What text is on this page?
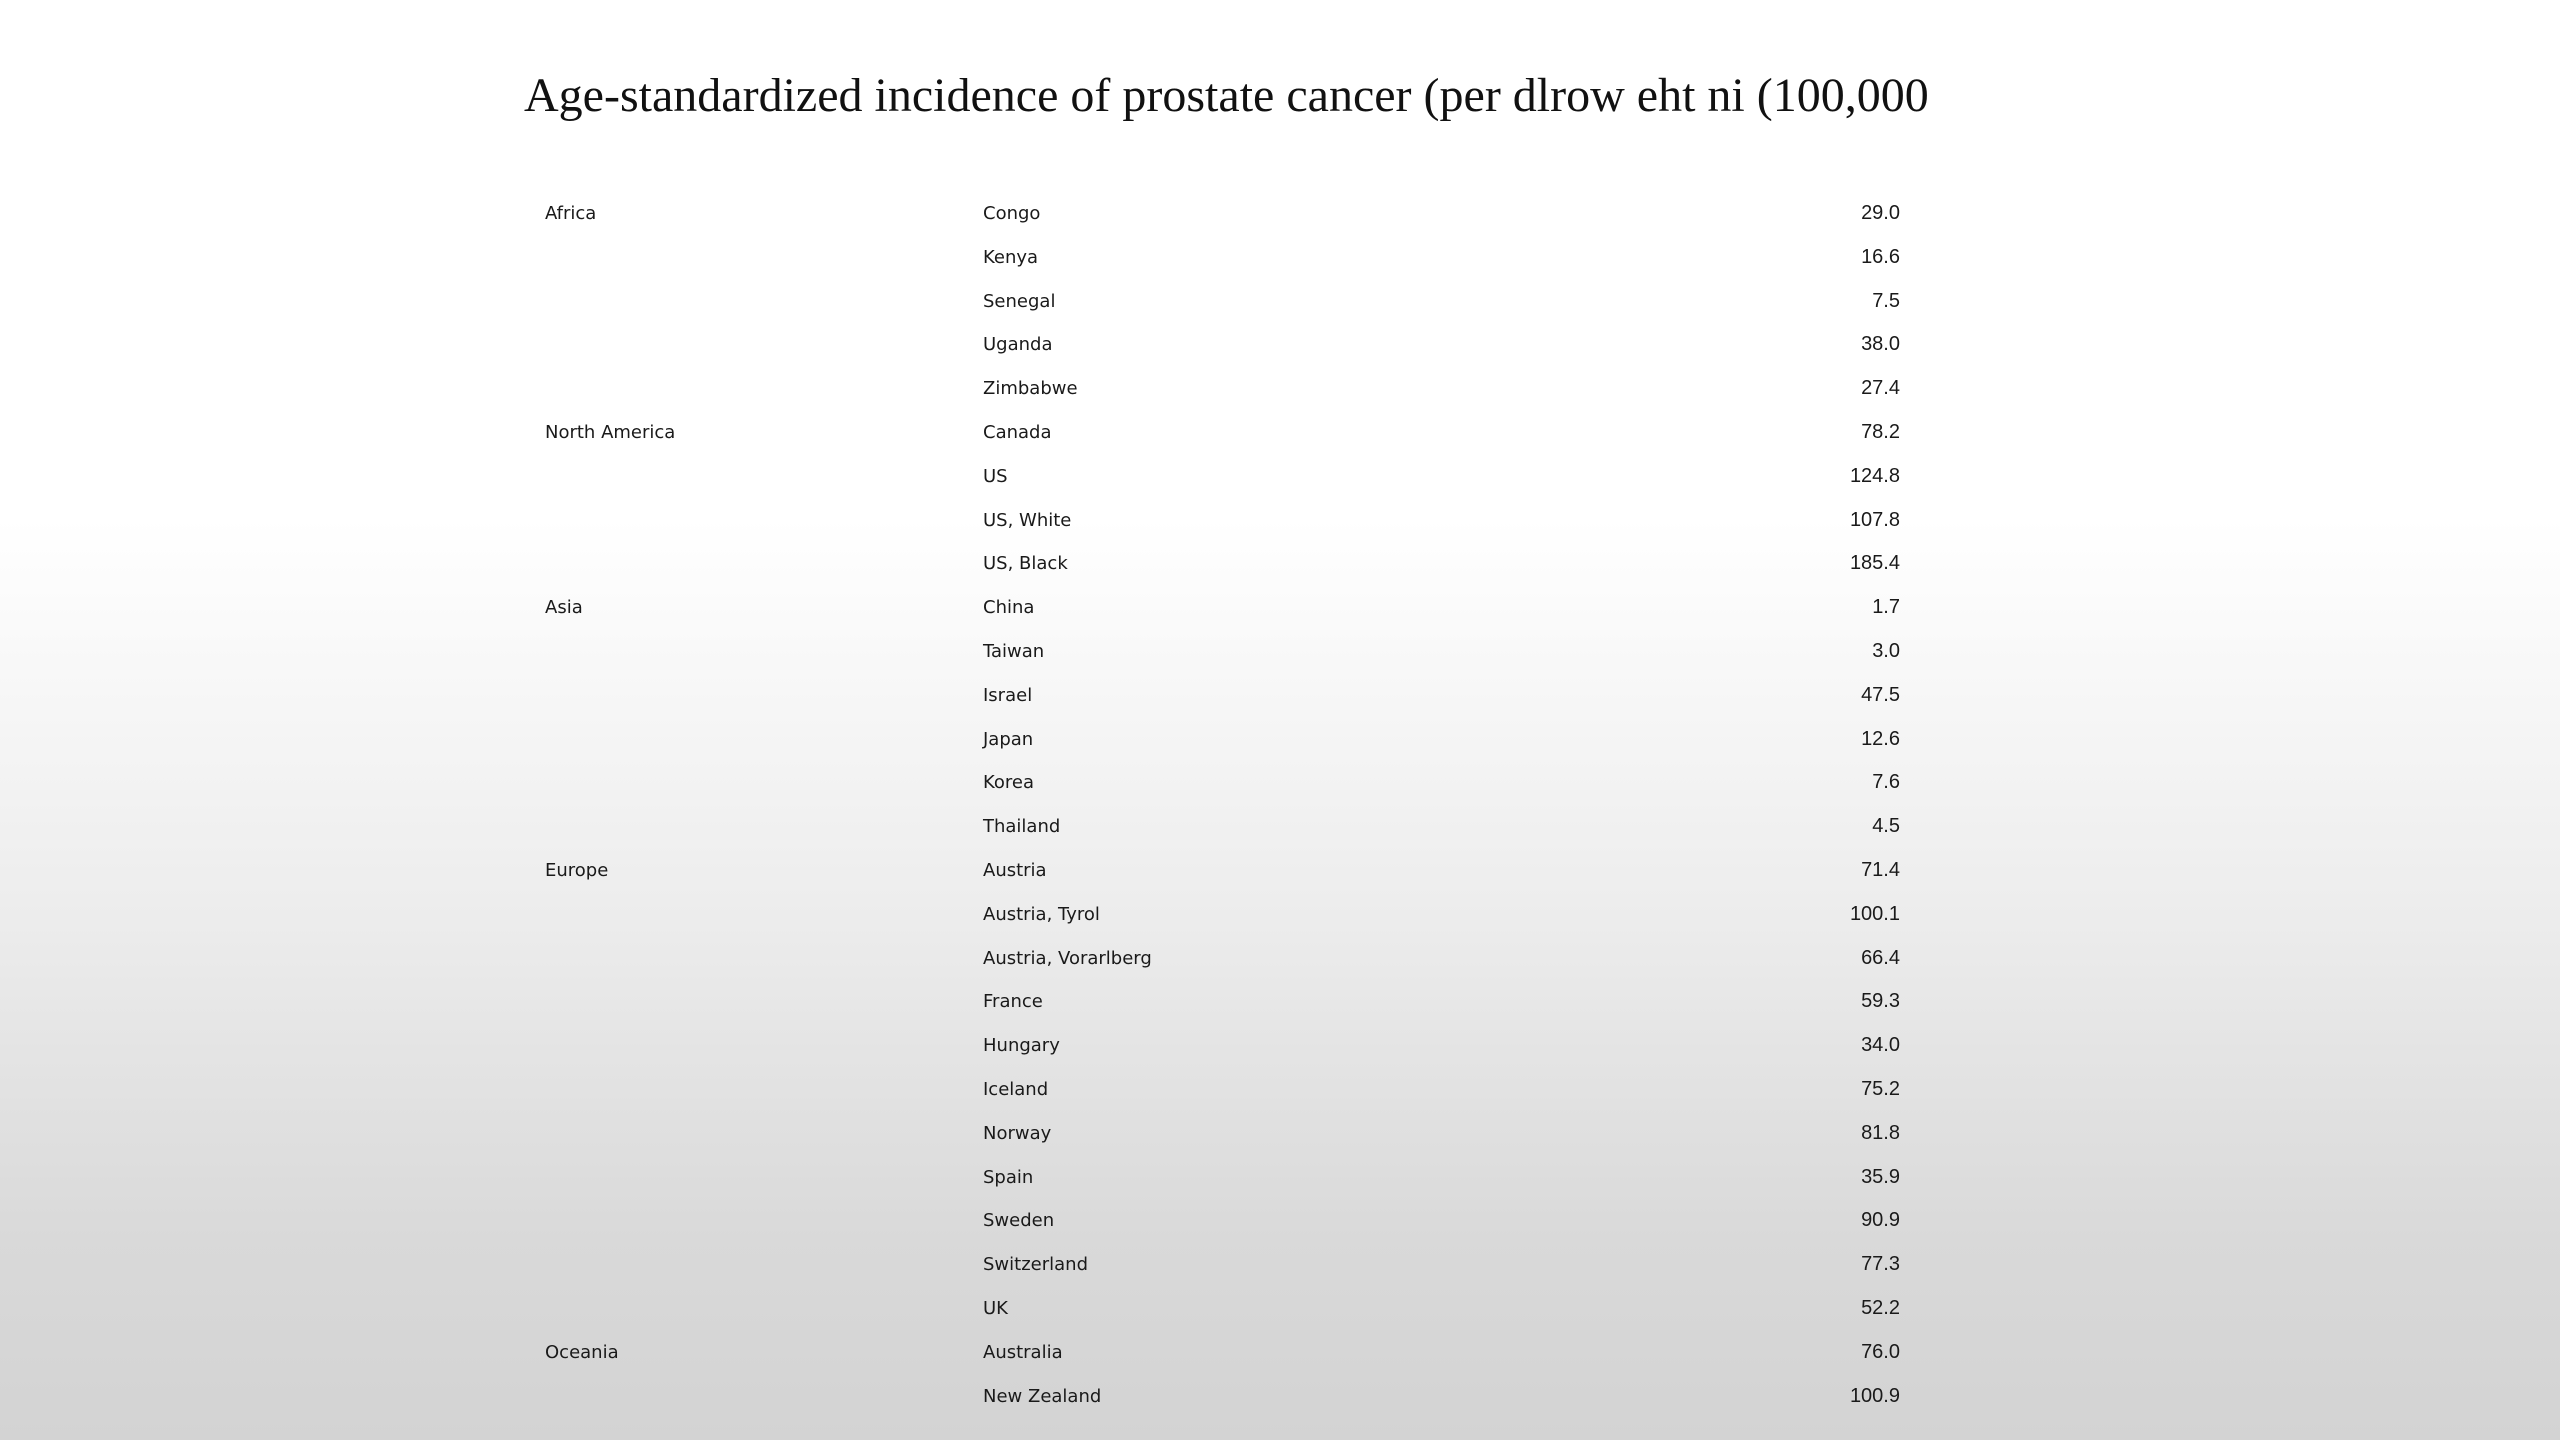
Age-standardized incidence of prostate cancer (per dlrow eht ni (100,000
Africa	Congo	29.0
Kenya	16.6
Senegal	7.5
Uganda	38.0
Zimbabwe	27.4
North America	Canada	78.2
US	124.8
US, White	107.8
US, Black	185.4
Asia	China	1.7
Taiwan	3.0
Israel	47.5
Japan	12.6
Korea	7.6
Thailand	4.5
Europe	Austria	71.4
Austria, Tyrol	100.1
Austria, Vorarlberg	66.4
France	59.3
Hungary	34.0
Iceland	75.2
Norway	81.8
Spain	35.9
Sweden	90.9
Switzerland	77.3
UK	52.2
Oceania	Australia	76.0
New Zealand	100.9
